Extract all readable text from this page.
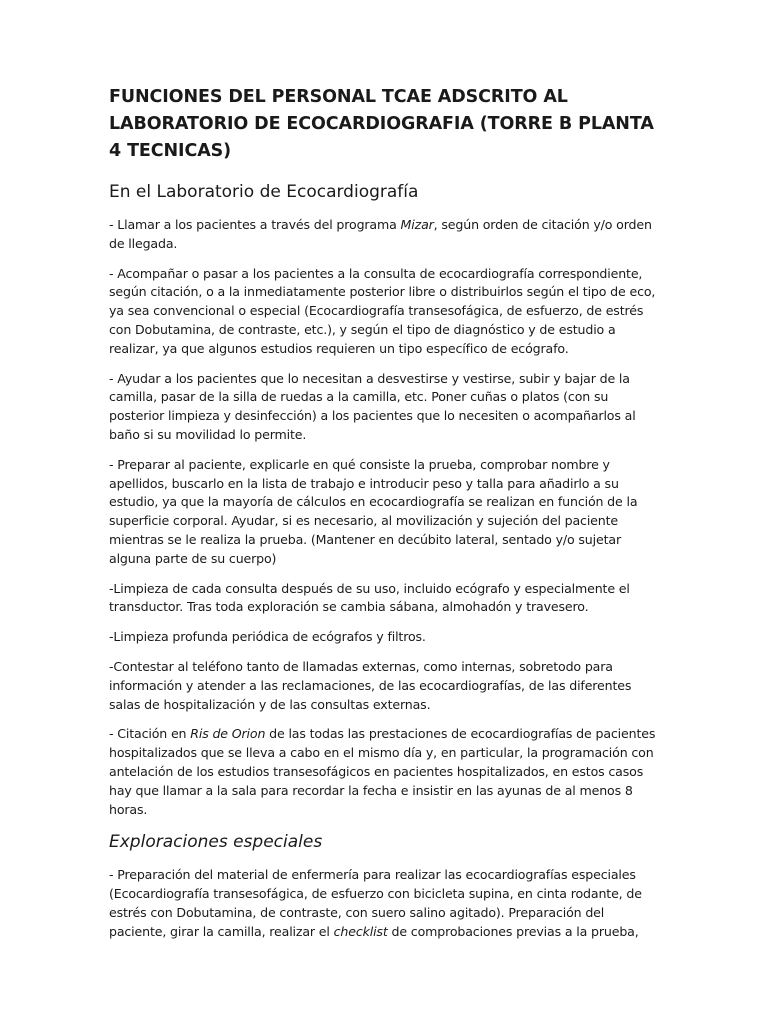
FUNCIONES DEL PERSONAL TCAE ADSCRITO AL LABORATORIO DE ECOCARDIOGRAFIA (TORRE B PLANTA 4 TECNICAS)
En el Laboratorio de Ecocardiografía

- Llamar a los pacientes a través del programa Mizar, según orden de citación y/o orden de llegada.

- Acompañar o pasar a los pacientes a la consulta de ecocardiografía correspondiente, según citación, o a la inmediatamente posterior libre o distribuirlos según el tipo de eco, ya sea convencional o especial (Ecocardiografía transesofágica, de esfuerzo, de estrés con Dobutamina, de contraste, etc.), y según el tipo de diagnóstico y de estudio a realizar, ya que algunos estudios requieren un tipo específico de ecógrafo.

- Ayudar a los pacientes que lo necesitan a desvestirse y vestirse, subir y bajar de la camilla, pasar de la silla de ruedas a la camilla, etc. Poner cuñas o platos (con su posterior limpieza y desinfección) a los pacientes que lo necesiten o acompañarlos al baño si su movilidad lo permite.

- Preparar al paciente, explicarle en qué consiste la prueba, comprobar nombre y apellidos, buscarlo en la lista de trabajo e introducir peso y talla para añadirlo a su estudio, ya que la mayoría de cálculos en ecocardiografía se realizan en función de la superficie corporal. Ayudar, si es necesario, al movilización y sujeción del paciente mientras se le realiza la prueba. (Mantener en decúbito lateral, sentado y/o sujetar alguna parte de su cuerpo)

-Limpieza de cada consulta después de su uso, incluido ecógrafo y especialmente el transductor. Tras toda exploración se cambia sábana, almohadón y travesero.

-Limpieza profunda periódica de ecógrafos y filtros.

-Contestar al teléfono tanto de llamadas externas, como internas, sobretodo para información y atender a las reclamaciones, de las ecocardiografías, de las diferentes salas de hospitalización y de las consultas externas.

- Citación en Ris de Orion de las todas las prestaciones de ecocardiografías de pacientes hospitalizados que se lleva a cabo en el mismo día y, en particular, la programación con antelación de los estudios transesofágicos en pacientes hospitalizados, en estos casos hay que llamar a la sala para recordar la fecha e insistir en las ayunas de al menos 8 horas.

Exploraciones especiales

- Preparación del material de enfermería para realizar las ecocardiografías especiales (Ecocardiografía transesofágica, de esfuerzo con bicicleta supina, en cinta rodante, de estrés con Dobutamina, de contraste, con suero salino agitado). Preparación del paciente, girar la camilla, realizar el checklist de comprobaciones previas a la prueba,
